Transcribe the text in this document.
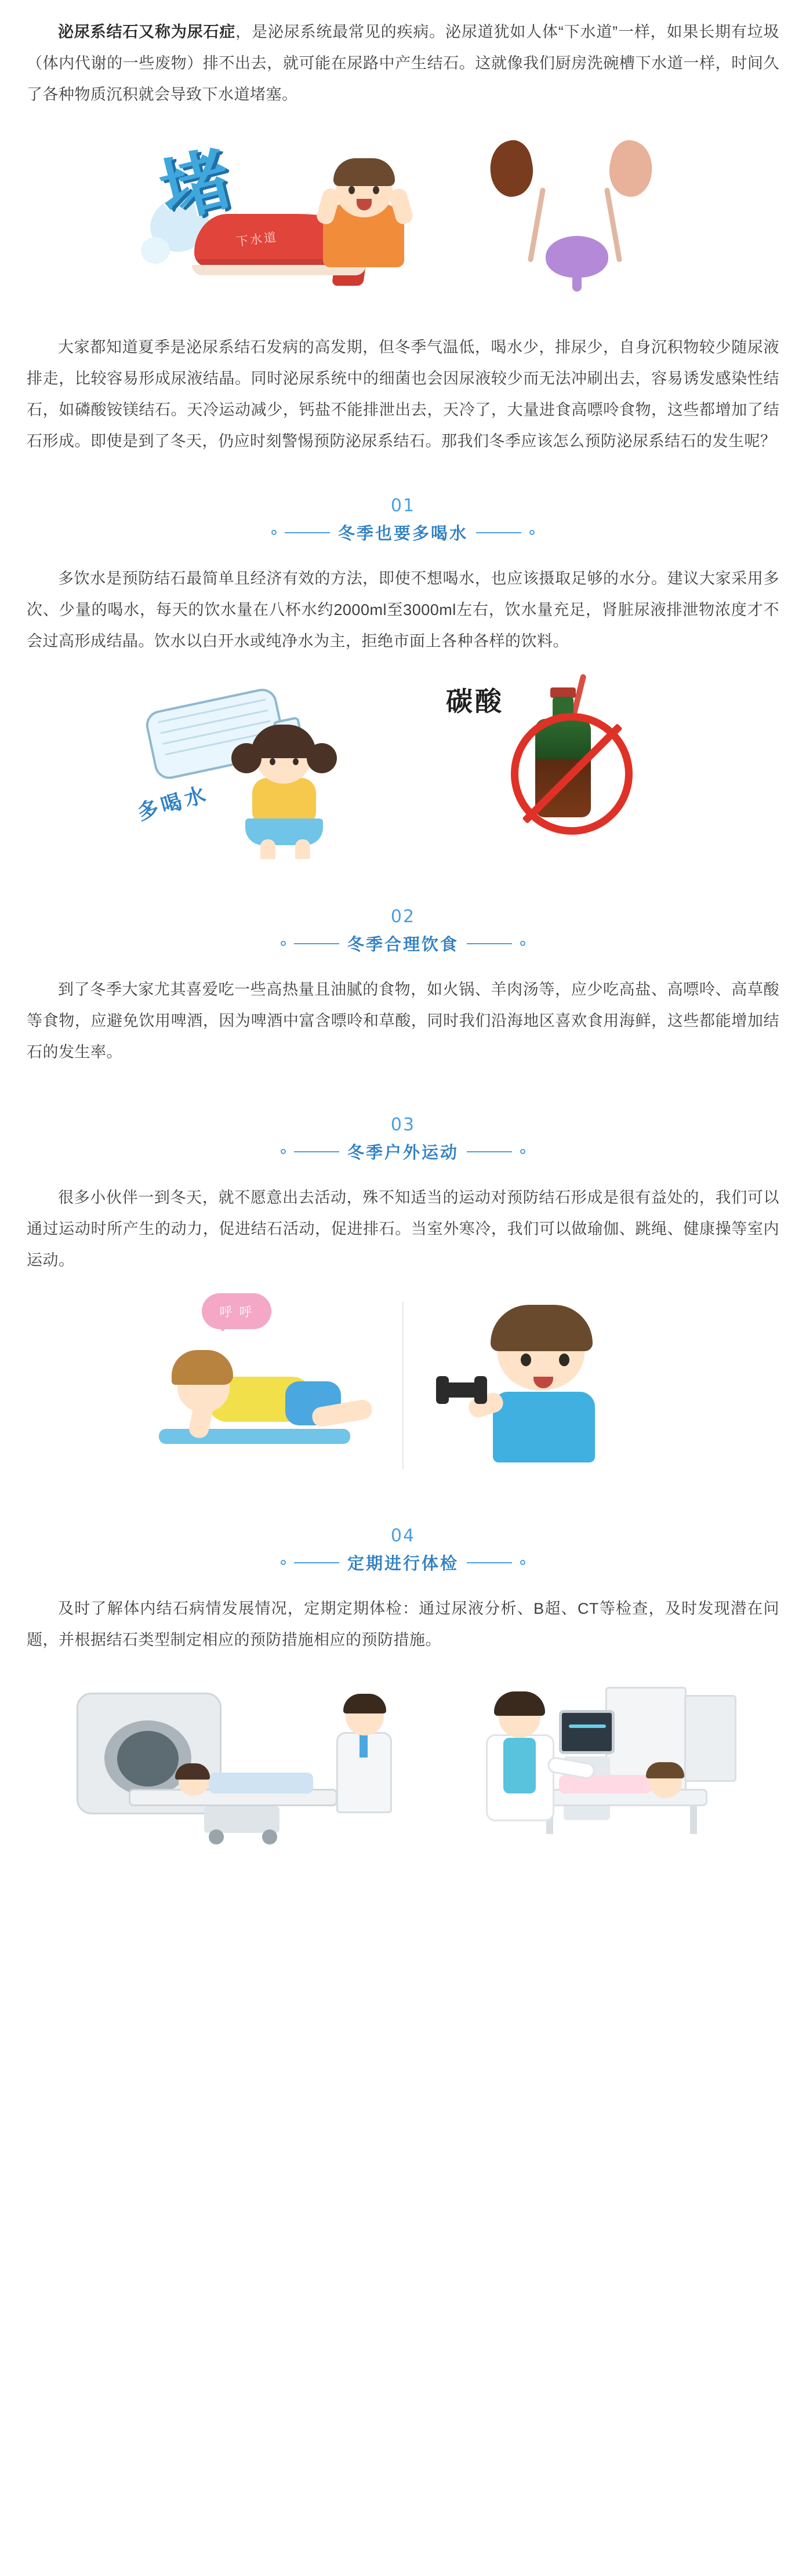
泌尿系结石又称为尿石症，是泌尿系统最常见的疾病。泌尿道犹如人体“下水道”一样，如果长期有垃圾（体内代谢的一些废物）排不出去，就可能在尿路中产生结石。这就像我们厨房洗碗槽下水道一样，时间久了各种物质沉积就会导致下水道堵塞。

下水道
堵

大家都知道夏季是泌尿系结石发病的高发期，但冬季气温低，喝水少，排尿少，自身沉积物较少随尿液排走，比较容易形成尿液结晶。同时泌尿系统中的细菌也会因尿液较少而无法冲刷出去，容易诱发感染性结石，如磷酸铵镁结石。天冷运动减少，钙盐不能排泄出去，天冷了，大量进食高嘌呤食物，这些都增加了结石形成。即使是到了冬天，仍应时刻警惕预防泌尿系结石。那我们冬季应该怎么预防泌尿系结石的发生呢？

01
冬季也要多喝水

多饮水是预防结石最简单且经济有效的方法，即使不想喝水，也应该摄取足够的水分。建议大家采用多次、少量的喝水，每天的饮水量在八杯水约2000ml至3000ml左右，饮水量充足，肾脏尿液排泄物浓度才不会过高形成结晶。饮水以白开水或纯净水为主，拒绝市面上各种各样的饮料。

多喝水
碳酸
02
冬季合理饮食

到了冬季大家尤其喜爱吃一些高热量且油腻的食物，如火锅、羊肉汤等，应少吃高盐、高嘌呤、高草酸等食物，应避免饮用啤酒，因为啤酒中富含嘌呤和草酸，同时我们沿海地区喜欢食用海鲜，这些都能增加结石的发生率。

03
冬季户外运动

很多小伙伴一到冬天，就不愿意出去活动，殊不知适当的运动对预防结石形成是很有益处的，我们可以通过运动时所产生的动力，促进结石活动，促进排石。当室外寒冷，我们可以做瑜伽、跳绳、健康操等室内运动。

呼 呼
04
定期进行体检

及时了解体内结石病情发展情况，定期定期体检：通过尿液分析、B超、CT等检查，及时发现潜在问题，并根据结石类型制定相应的预防措施相应的预防措施。
